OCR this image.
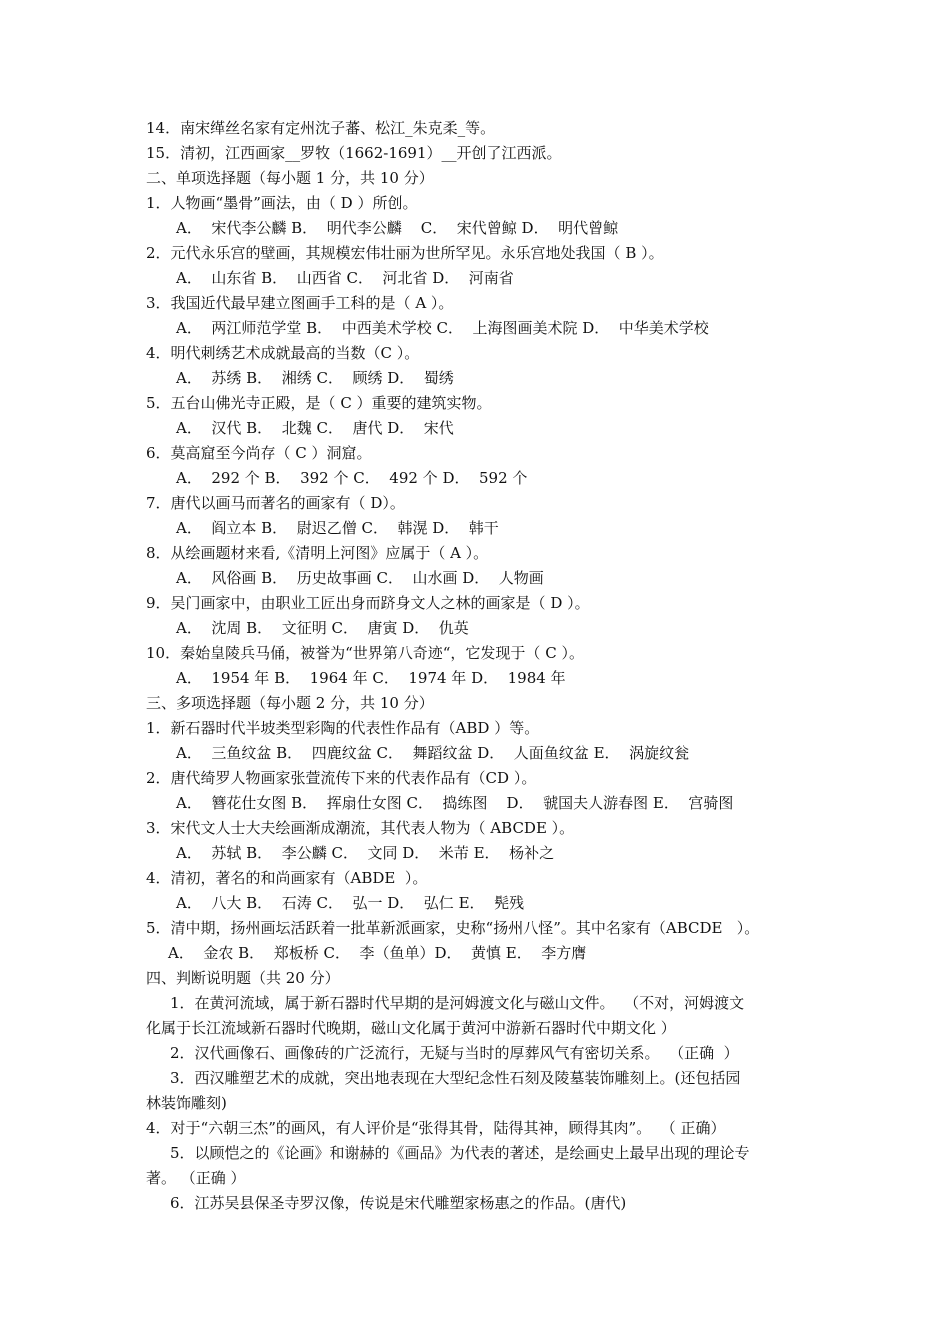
14．南宋缂丝名家有定州沈子蕃、松江_朱克柔_等。
15．清初，江西画家__罗牧（1662-1691）__开创了江西派。
二、单项选择题（每小题 1 分，共 10 分）
1．人物画“墨骨”画法，由（ D ）所创。
A．  宋代李公麟 B．  明代李公麟    C．  宋代曾鲸 D．  明代曾鲸
2．元代永乐宫的壁画，其规模宏伟壮丽为世所罕见。永乐宫地处我国（ B ）。
A．  山东省 B．  山西省 C．  河北省 D．  河南省
3．我国近代最早建立图画手工科的是（ A ）。
A．  两江师范学堂 B．  中西美术学校 C．  上海图画美术院 D．  中华美术学校
4．明代刺绣艺术成就最高的当数（C ）。
A．  苏绣 B．  湘绣 C．  顾绣 D．  蜀绣
5．五台山佛光寺正殿，是（ C ）重要的建筑实物。
A．  汉代 B．  北魏 C．  唐代 D．  宋代
6．莫高窟至今尚存（ C ）洞窟。
A．  292 个 B．  392 个 C．  492 个 D．  592 个
7．唐代以画马而著名的画家有（ D）。
A．  阎立本 B．  尉迟乙僧 C．  韩滉 D．  韩干
8．从绘画题材来看,《清明上河图》应属于（ A ）。
A．  风俗画 B．  历史故事画 C．  山水画 D．  人物画
9．吴门画家中，由职业工匠出身而跻身文人之林的画家是（ D ）。
A．  沈周 B．  文征明 C．  唐寅 D．  仇英
10．秦始皇陵兵马俑，被誉为“世界第八奇迹“，它发现于（ C ）。
A．  1954 年 B．  1964 年 C．  1974 年 D．  1984 年
三、多项选择题（每小题 2 分，共 10 分）
1．新石器时代半坡类型彩陶的代表性作品有（ABD ）等。
A．  三鱼纹盆 B．  四鹿纹盆 C．  舞蹈纹盆 D．  人面鱼纹盆 E．  涡旋纹瓮
2．唐代绮罗人物画家张萱流传下来的代表作品有（CD ）。
A．  簪花仕女图 B．  挥扇仕女图 C．  捣练图    D．  虢国夫人游春图 E．  宫骑图
3．宋代文人士大夫绘画渐成潮流，其代表人物为（ ABCDE ）。
A．  苏轼 B．  李公麟 C．  文同 D．  米芾 E．  杨补之
4．清初，著名的和尚画家有（ABDE  ）。
A．  八大 B．  石涛 C．  弘一 D．  弘仁 E．  髡残
5．清中期，扬州画坛活跃着一批革新派画家，史称“扬州八怪”。其中名家有（ABCDE   ）。
A．  金农 B．  郑板桥 C．  李（鱼单）D．  黄慎 E．  李方膺
四、判断说明题（共 20 分）
1．在黄河流域，属于新石器时代早期的是河姆渡文化与磁山文件。  （不对，河姆渡文
化属于长江流域新石器时代晚期，磁山文化属于黄河中游新石器时代中期文化 ）
2．汉代画像石、画像砖的广泛流行，无疑与当时的厚葬风气有密切关系。  （正确  ）
3．西汉雕塑艺术的成就，突出地表现在大型纪念性石刻及陵墓装饰雕刻上。(还包括园
林装饰雕刻)
4．对于“六朝三杰”的画风，有人评价是“张得其骨，陆得其神，顾得其肉”。  （ 正确）
5．以顾恺之的《论画》和谢赫的《画品》为代表的著述，是绘画史上最早出现的理论专
著。 （正确 ）
6．江苏吴县保圣寺罗汉像，传说是宋代雕塑家杨惠之的作品。(唐代)
